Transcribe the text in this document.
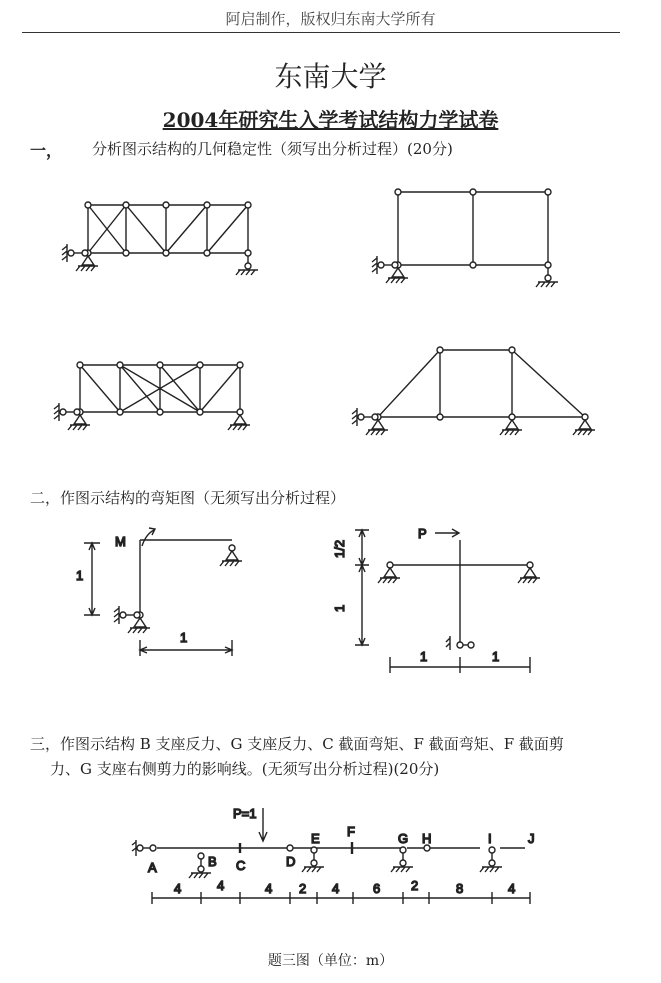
阿启制作，版权归东南大学所有
东南大学
2004年研究生入学考试结构力学试卷
一， 分析图示结构的几何稳定性（须写出分析过程）(20分)
二，作图示结构的弯矩图（无须写出分析过程）
三，作图示结构 B 支座反力、G 支座反力、C 截面弯矩、F 截面弯矩、F 截面剪
力、G 支座右侧剪力的影响线。(无须写出分析过程)(20分)
题三图（单位：m）
M
1
1
P
1/2
1
1	1
P=1
A	B C	D
E F	G H	I	J
4	4	4 2 4	6 2	8	4
